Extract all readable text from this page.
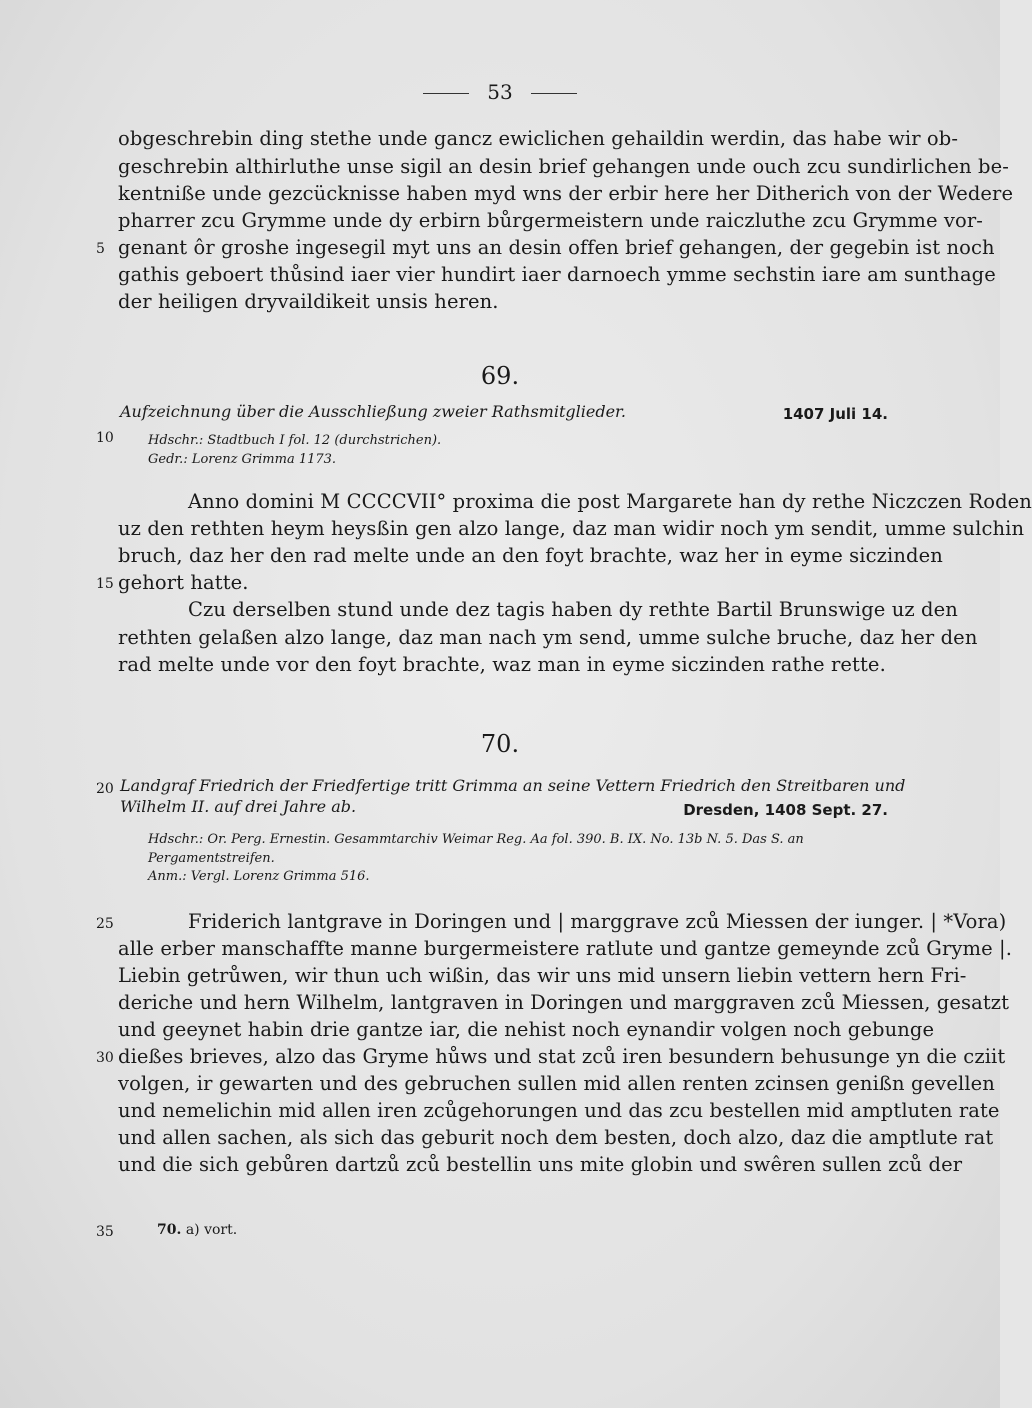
53
obgeschrebin ding stethe unde gancz ewiclichen gehaildin werdin, das habe wir ob-
geschrebin althirluthe unse sigil an desin brief gehangen unde ouch zcu sundirlichen be-
kentniße unde gezcücknisse haben myd wns der erbir here her Ditherich von der Wedere
pharrer zcu Grymme unde dy erbirn bůrgermeistern unde raiczluthe zcu Grymme vor-
5 genant ôr groshe ingesegil myt uns an desin offen brief gehangen, der gegebin ist noch
gathis geboert thůsind iaer vier hundirt iaer darnoech ymme sechstin iare am sunthage
der heiligen dryvaildikeit unsis heren.
69.
Aufzeichnung über die Ausschließung zweier Rathsmitglieder.	1407 Juli 14.
10	Hdschr.: Stadtbuch I fol. 12 (durchstrichen).
Gedr.: Lorenz Grimma 1173.
Anno domini M CCCCVII° proxima die post Margarete han dy rethe Niczczen Roden
uz den rethten heym heysßin gen alzo lange, daz man widir noch ym sendit, umme sulchin
bruch, daz her den rad melte unde an den foyt brachte, waz her in eyme siczinden
15 gehort hatte.
Czu derselben stund unde dez tagis haben dy rethte Bartil Brunswige uz den
rethten gelaßen alzo lange, daz man nach ym send, umme sulche bruche, daz her den
rad melte unde vor den foyt brachte, waz man in eyme siczinden rathe rette.
70.
20 Landgraf Friedrich der Friedfertige tritt Grimma an seine Vettern Friedrich den Streitbaren und
Wilhelm II. auf drei Jahre ab.	Dresden, 1408 Sept. 27.
Hdschr.: Or. Perg. Ernestin. Gesammtarchiv Weimar Reg. Aa fol. 390. B. IX. No. 13b N. 5. Das S. an
Pergamentstreifen.
Anm.: Vergl. Lorenz Grimma 516.
25	Friderich lantgrave in Doringen und | marggrave zců Miessen der iunger. | *Vora)
alle erber manschaffte manne burgermeistere ratlute und gantze gemeynde zců Gryme |.
Liebin getrůwen, wir thun uch wißin, das wir uns mid unsern liebin vettern hern Fri-
deriche und hern Wilhelm, lantgraven in Doringen und marggraven zců Miessen, gesatzt
und geeynet habin drie gantze iar, die nehist noch eynandir volgen noch gebunge
30 dießes brieves, alzo das Gryme hůws und stat zců iren besundern behusunge yn die cziit
volgen, ir gewarten und des gebruchen sullen mid allen renten zcinsen genißn gevellen
und nemelichin mid allen iren zcůgehorungen und das zcu bestellen mid amptluten rate
und allen sachen, als sich das geburit noch dem besten, doch alzo, daz die amptlute rat
und die sich gebůren dartzů zců bestellin uns mite globin und swêren sullen zců der
35	70. a) vort.
